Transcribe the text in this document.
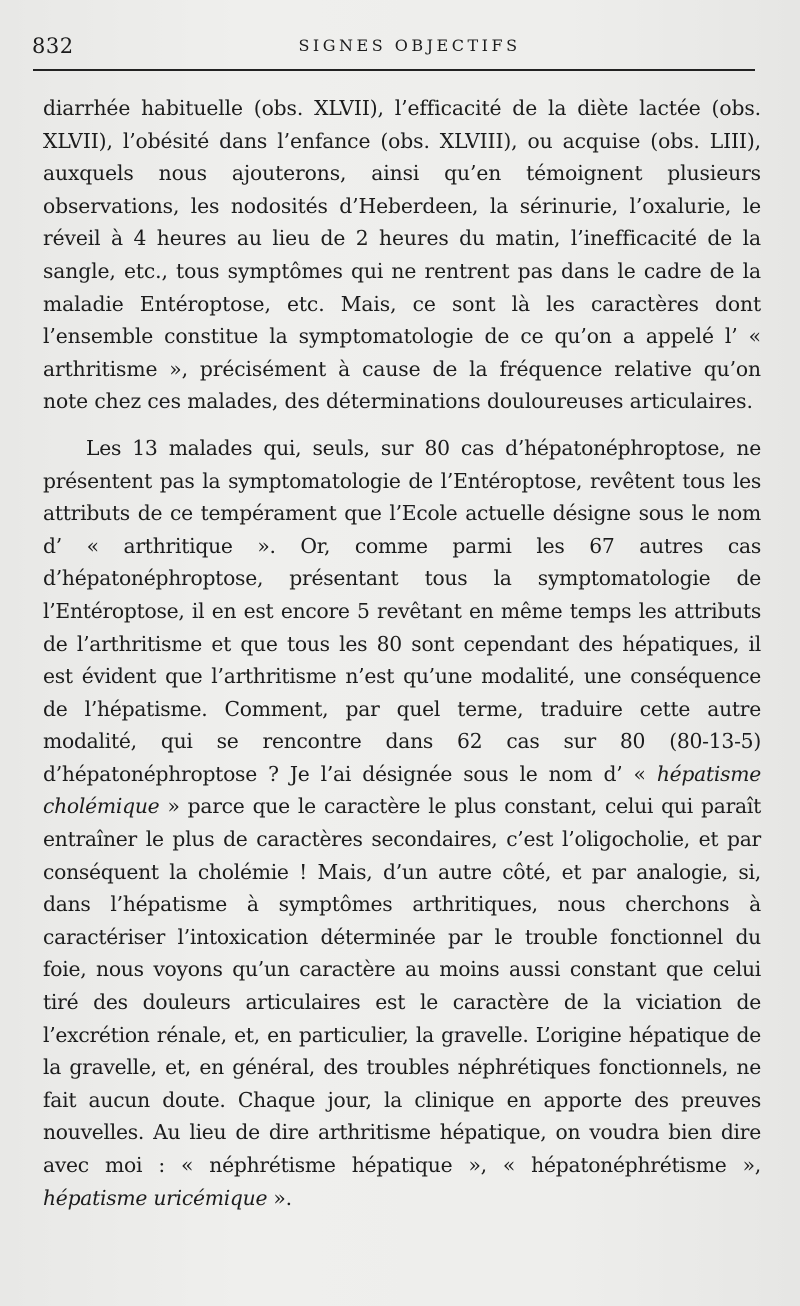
832	SIGNES OBJECTIFS

diarrhée habituelle (obs. XLVII), l’efficacité de la diète lactée (obs. XLVII), l’obésité dans l’enfance (obs. XLVIII), ou acquise (obs. LIII), auxquels nous ajouterons, ainsi qu’en témoignent plusieurs observations, les nodosités d’Heberdeen, la sérinurie, l’oxalurie, le réveil à 4 heures au lieu de 2 heures du matin, l’inefficacité de la sangle, etc., tous symptômes qui ne rentrent pas dans le cadre de la maladie Entéroptose, etc. Mais, ce sont là les caractères dont l’ensemble constitue la symptomatologie de ce qu’on a appelé l’ « arthritisme », précisément à cause de la fréquence relative qu’on note chez ces malades, des déterminations douloureuses articulaires.

Les 13 malades qui, seuls, sur 80 cas d’hépatonéphroptose, ne présentent pas la symptomatologie de l’Entéroptose, revêtent tous les attributs de ce tempérament que l’Ecole actuelle désigne sous le nom d’ « arthritique ». Or, comme parmi les 67 autres cas d’hépatonéphroptose, présentant tous la symptomatologie de l’Entéroptose, il en est encore 5 revêtant en même temps les attributs de l’arthritisme et que tous les 80 sont cependant des hépatiques, il est évident que l’arthritisme n’est qu’une modalité, une conséquence de l’hépatisme. Comment, par quel terme, traduire cette autre modalité, qui se rencontre dans 62 cas sur 80 (80-13-5) d’hépatonéphroptose ? Je l’ai désignée sous le nom d’ « hépatisme cholémique » parce que le caractère le plus constant, celui qui paraît entraîner le plus de caractères secondaires, c’est l’oligocholie, et par conséquent la cholémie ! Mais, d’un autre côté, et par analogie, si, dans l’hépatisme à symptômes arthritiques, nous cherchons à caractériser l’intoxication déterminée par le trouble fonctionnel du foie, nous voyons qu’un caractère au moins aussi constant que celui tiré des douleurs articulaires est le caractère de la viciation de l’excrétion rénale, et, en particulier, la gravelle. L’origine hépatique de la gravelle, et, en général, des troubles néphrétiques fonctionnels, ne fait aucun doute. Chaque jour, la clinique en apporte des preuves nouvelles. Au lieu de dire arthritisme hépatique, on voudra bien dire avec moi : « néphrétisme hépatique », « hépatonéphrétisme », hépatisme uricémique ».
